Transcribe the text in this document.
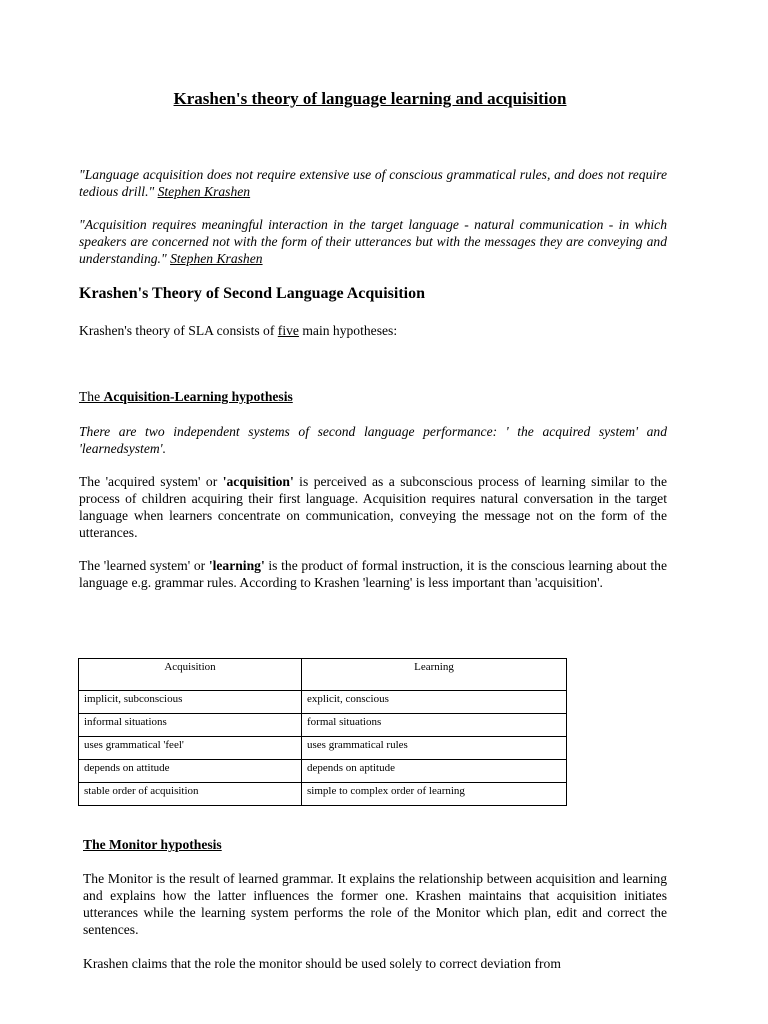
Krashen's theory of language learning and acquisition

"Language acquisition does not require extensive use of conscious grammatical rules, and does not require tedious drill." Stephen Krashen

"Acquisition requires meaningful interaction in the target language - natural communication - in which speakers are concerned not with the form of their utterances but with the messages they are conveying and understanding." Stephen Krashen

Krashen's Theory of Second Language Acquisition

Krashen's theory of SLA consists of five main hypotheses:

The Acquisition-Learning hypothesis

There are two independent systems of second language performance: ' the acquired system' and 'learnedsystem'.

The 'acquired system' or 'acquisition' is perceived as a subconscious process of learning similar to the process of children acquiring their first language. Acquisition requires natural conversation in the target language when learners concentrate on communication, conveying the message not on the form of the utterances.

The 'learned system' or 'learning' is the product of formal instruction, it is the conscious learning about the language e.g. grammar rules. According to Krashen 'learning' is less important than 'acquisition'.

Acquisition	Learning
implicit, subconscious	explicit, conscious
informal situations	formal situations
uses grammatical 'feel'	uses grammatical rules
depends on attitude	depends on aptitude
stable order of acquisition	simple to complex order of learning

The Monitor hypothesis

The Monitor is the result of learned grammar. It explains the relationship between acquisition and learning and explains how the latter influences the former one. Krashen maintains that acquisition initiates utterances while the learning system performs the role of the Monitor which plan, edit and correct the sentences.

Krashen claims that the role the monitor should be used solely to correct deviation from
